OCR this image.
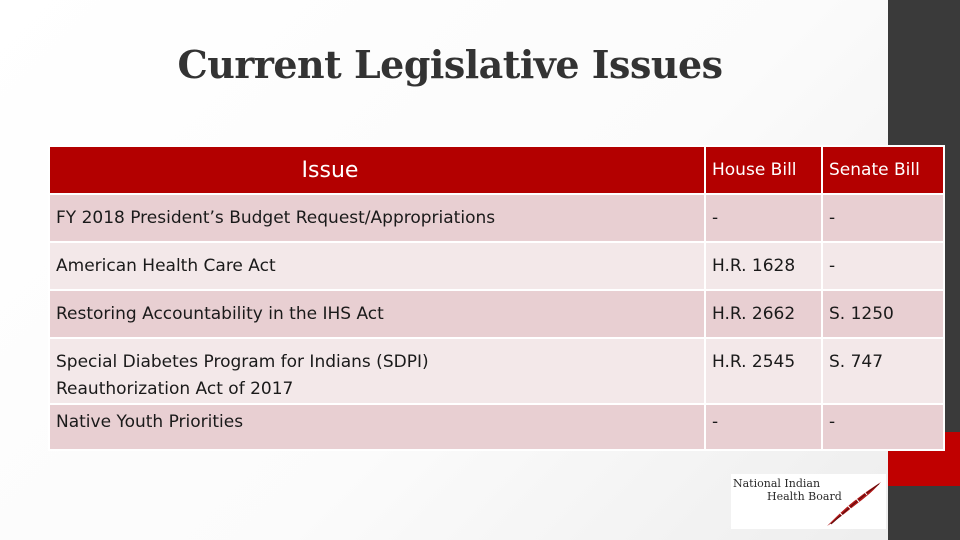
Current Legislative Issues
Issue	House Bill	Senate Bill
FY 2018 President’s Budget Request/Appropriations	-	-
American Health Care Act	H.R. 1628	-
Restoring Accountability in the IHS Act	H.R. 2662	S. 1250

Special Diabetes Program for Indians (SDPI)
Reauthorization Act of 2017	H.R. 2545	S. 747
Native Youth Priorities	-	-
National Indian
Health Board
